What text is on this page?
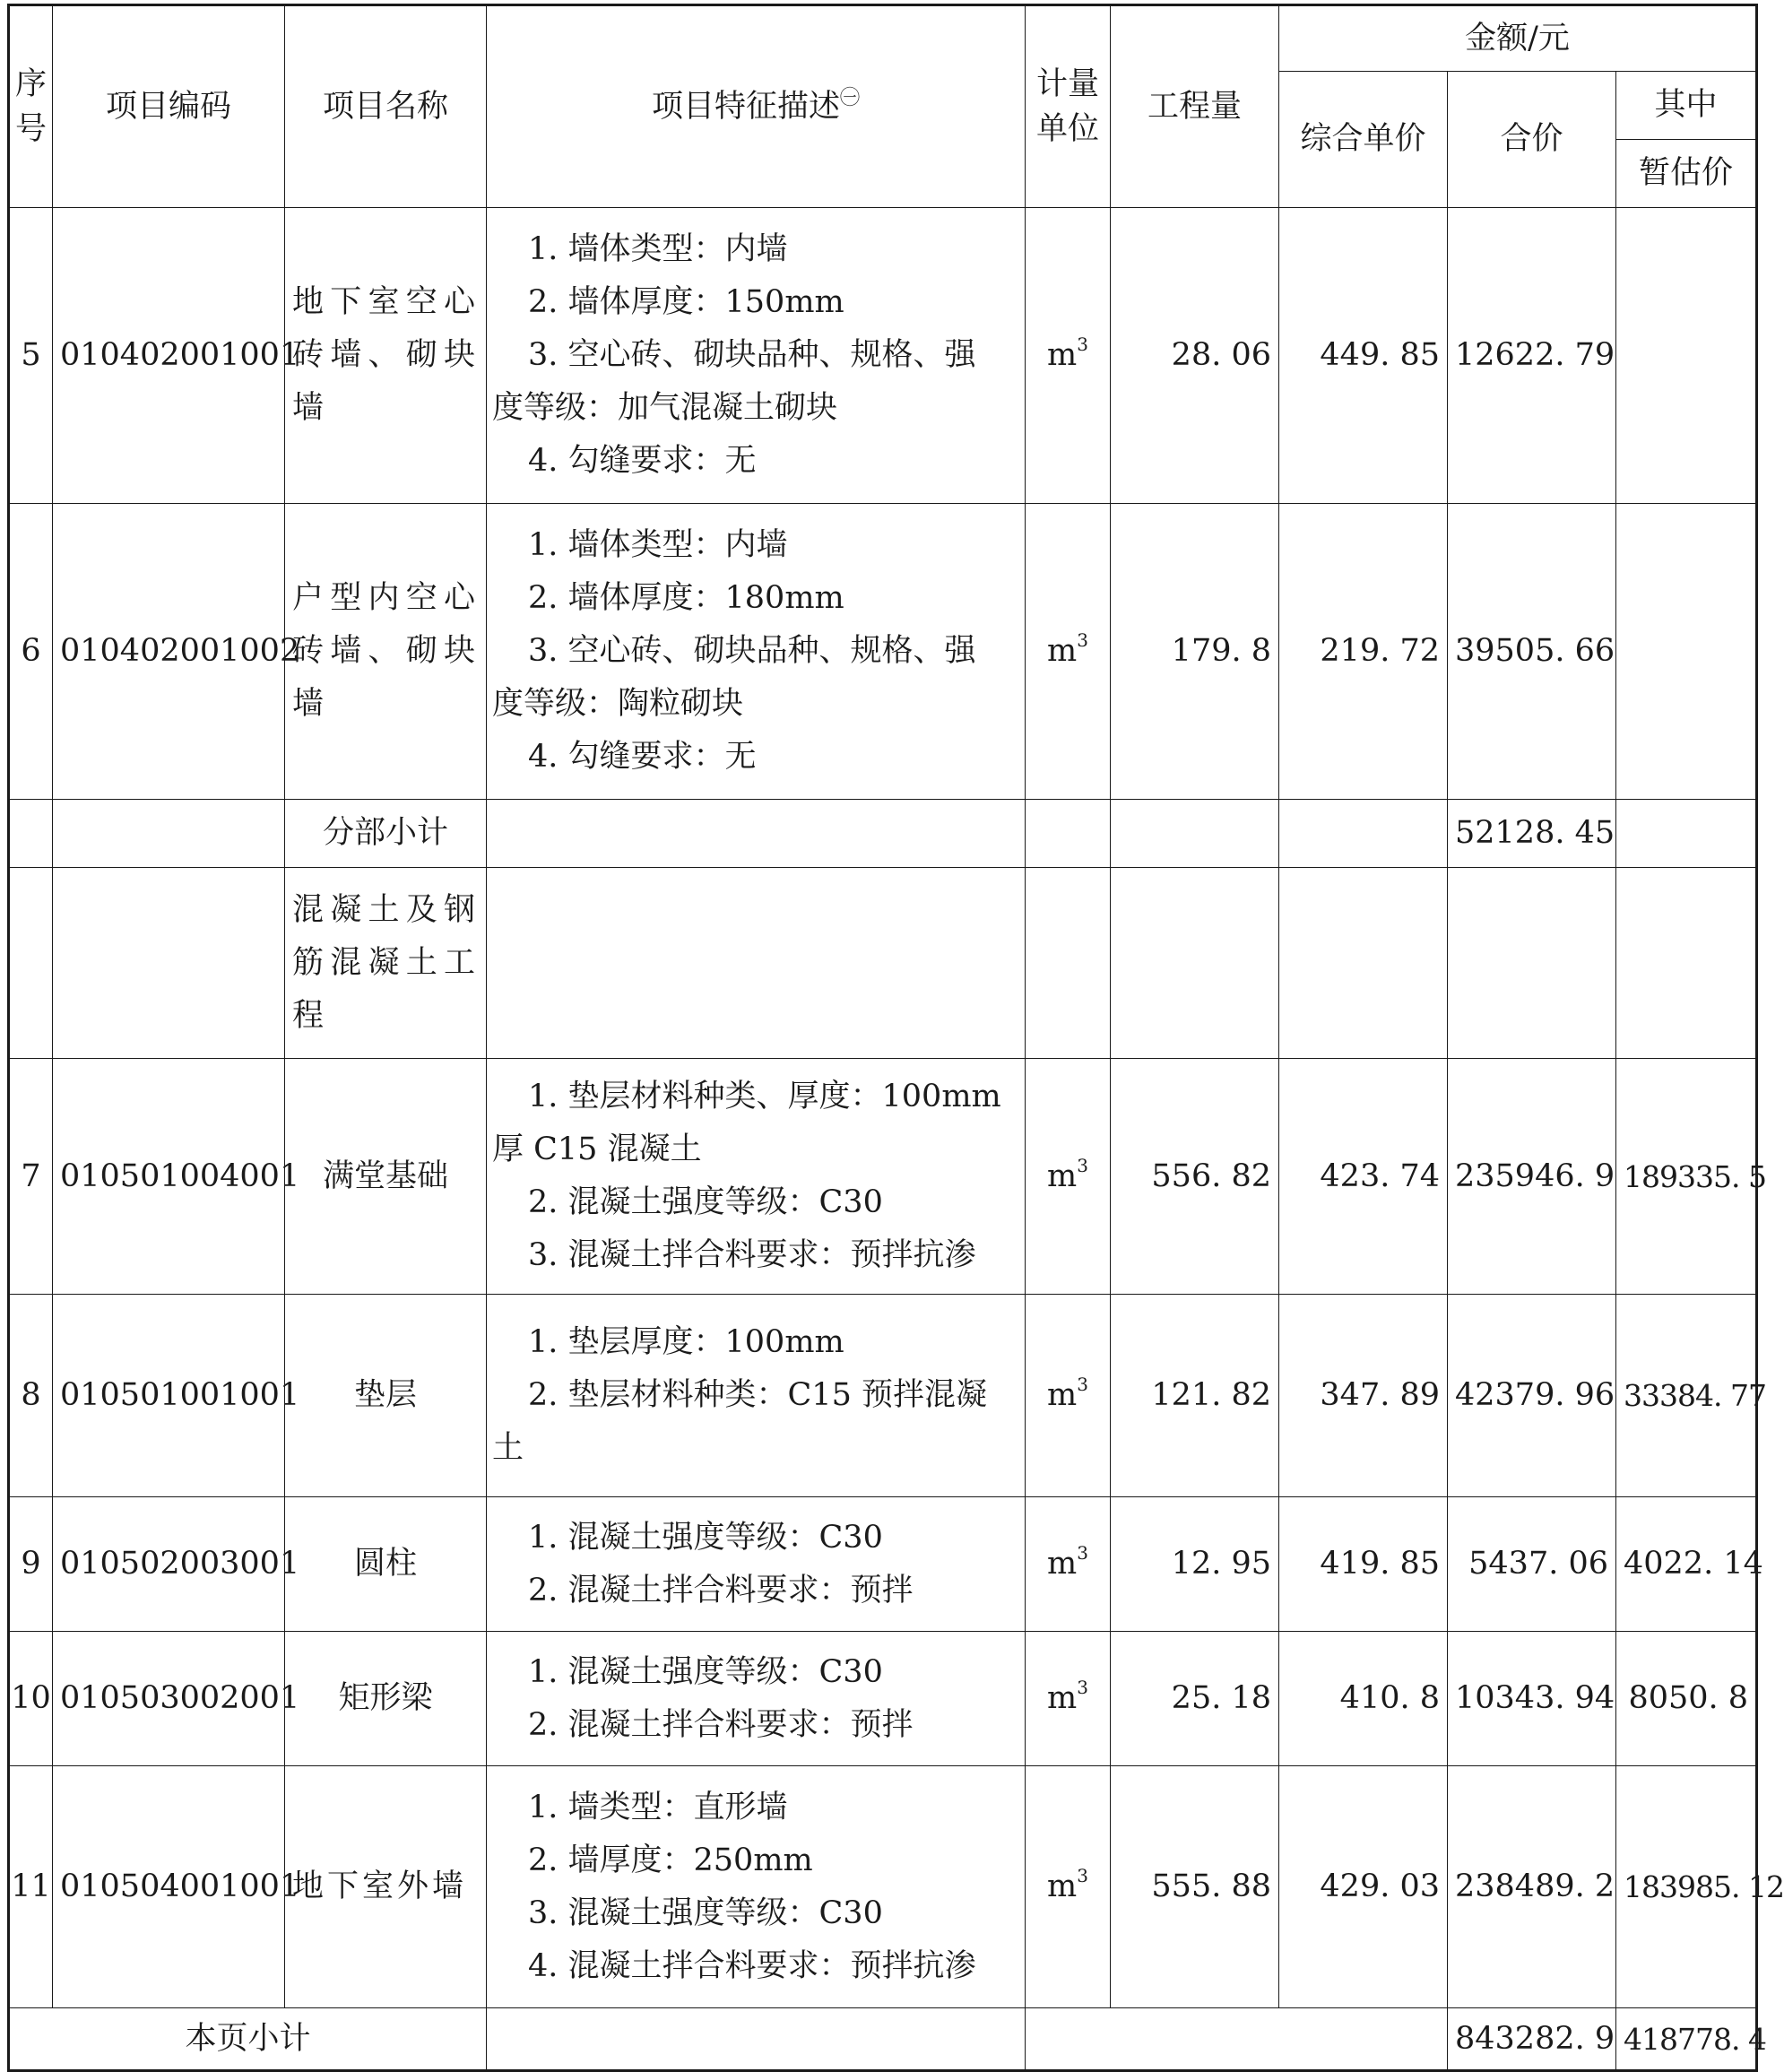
序号	项目编码	项目名称	项目特征描述$^㊀$	计量单位	工程量	金额/元		
						综合单价	合价	其中
								暂估价
5	010402001001	地下室空心砖墙、砌块墙	1. 墙体类型：内墙
2. 墙体厚度：150mm
3. 空心砖、砌块品种、规格、强
度等级：加气混凝土砌块
4. 勾缝要求：无	$m^3$	28. 06	449. 85	12622. 79	
6	010402001002	户型内空心砖墙、砌块墙	1. 墙体类型：内墙
2. 墙体厚度：180mm
3. 空心砖、砌块品种、规格、强
度等级：陶粒砌块
4. 勾缝要求：无	$m^3$	179. 8	219. 72	39505. 66	
		分部小计					52128. 45	
		混凝土及钢筋混凝土工程						
7	010501004001	满堂基础	1. 垫层材料种类、厚度：100mm
厚 C15 混凝土
2. 混凝土强度等级：C30
3. 混凝土拌合料要求：预拌抗渗	$m^3$	556. 82	423. 74	235946. 9	189335. 5
8	010501001001	垫层	1. 垫层厚度：100mm
2. 垫层材料种类：C15 预拌混凝
土	$m^3$	121. 82	347. 89	42379. 96	33384. 77
9	010502003001	圆柱	1. 混凝土强度等级：C30
2. 混凝土拌合料要求：预拌	$m^3$	12. 95	419. 85	5437. 06	4022. 14
10	010503002001	矩形梁	1. 混凝土强度等级：C30
2. 混凝土拌合料要求：预拌	$m^3$	25. 18	410. 8	10343. 94	8050. 8
11	010504001001	地下室外墙	1. 墙类型：直形墙
2. 墙厚度：250mm
3. 混凝土强度等级：C30
4. 混凝土拌合料要求：预拌抗渗	$m^3$	555. 88	429. 03	238489. 2	183985. 12
本页小计							843282. 9	418778. 4
